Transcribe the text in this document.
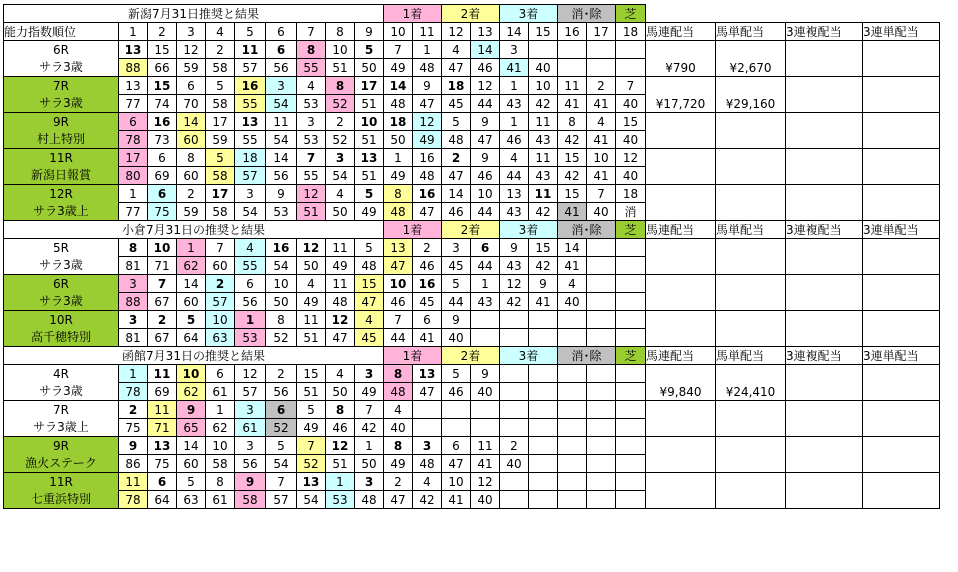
新潟7月31日推奨と結果										1着		2着		3着		消･除		芝				
能力指数順位	1	2	3	4	5	6	7	8	9	10	11	12	13	14	15	16	17	18	馬連配当	馬単配当	3連複配当	3連単配当
6R	13	15	12	2	11	6	8	10	5	7	1	4	14	3					¥790	¥2,670		
サラ3歳	88	66	59	58	57	56	55	51	50	49	48	47	46	41	40							
7R	13	15	6	5	16	3	4	8	17	14	9	18	12	1	10	11	2	7	¥17,720	¥29,160		
サラ3歳	77	74	70	58	55	54	53	52	51	48	47	45	44	43	42	41	41	40				
9R	6	16	14	17	13	11	3	2	10	18	12	5	9	1	11	8	4	15				
村上特別	78	73	60	59	55	54	53	52	51	50	49	48	47	46	43	42	41	40				
11R	17	6	8	5	18	14	7	3	13	1	16	2	9	4	11	15	10	12				
新潟日報賞	80	69	60	58	57	56	55	54	51	49	48	47	46	44	43	42	41	40				
12R	1	6	2	17	3	9	12	4	5	8	16	14	10	13	11	15	7	18				
サラ3歳上	77	75	59	58	54	53	51	50	49	48	47	46	44	43	42	41	40	消				
小倉7月31日の推奨と結果										1着		2着		3着		消･除		芝	馬連配当	馬単配当	3連複配当	3連単配当
5R	8	10	1	7	4	16	12	11	5	13	2	3	6	9	15	14						
サラ3歳	81	71	62	60	55	54	50	49	48	47	46	45	44	43	42	41						
6R	3	7	14	2	6	10	4	11	15	10	16	5	1	12	9	4						
サラ3歳	88	67	60	57	56	50	49	48	47	46	45	44	43	42	41	40						
10R	3	2	5	10	1	8	11	12	4	7	6	9										
高千穂特別	81	67	64	63	53	52	51	47	45	44	41	40										
函館7月31日の推奨と結果										1着		2着		3着		消･除		芝	馬連配当	馬単配当	3連複配当	3連単配当
4R	1	11	10	6	12	2	15	4	3	8	13	5	9						¥9,840	¥24,410		
サラ3歳	78	69	62	61	57	56	51	50	49	48	47	46	40									
7R	2	11	9	1	3	6	5	8	7	4												
サラ3歳上	75	71	65	62	61	52	49	46	42	40												
9R	9	13	14	10	3	5	7	12	1	8	3	6	11	2								
漁火ステーク	86	75	60	58	56	54	52	51	50	49	48	47	41	40								
11R	11	6	5	8	9	7	13	1	3	2	4	10	12									
七重浜特別	78	64	63	61	58	57	54	53	48	47	42	41	40									
